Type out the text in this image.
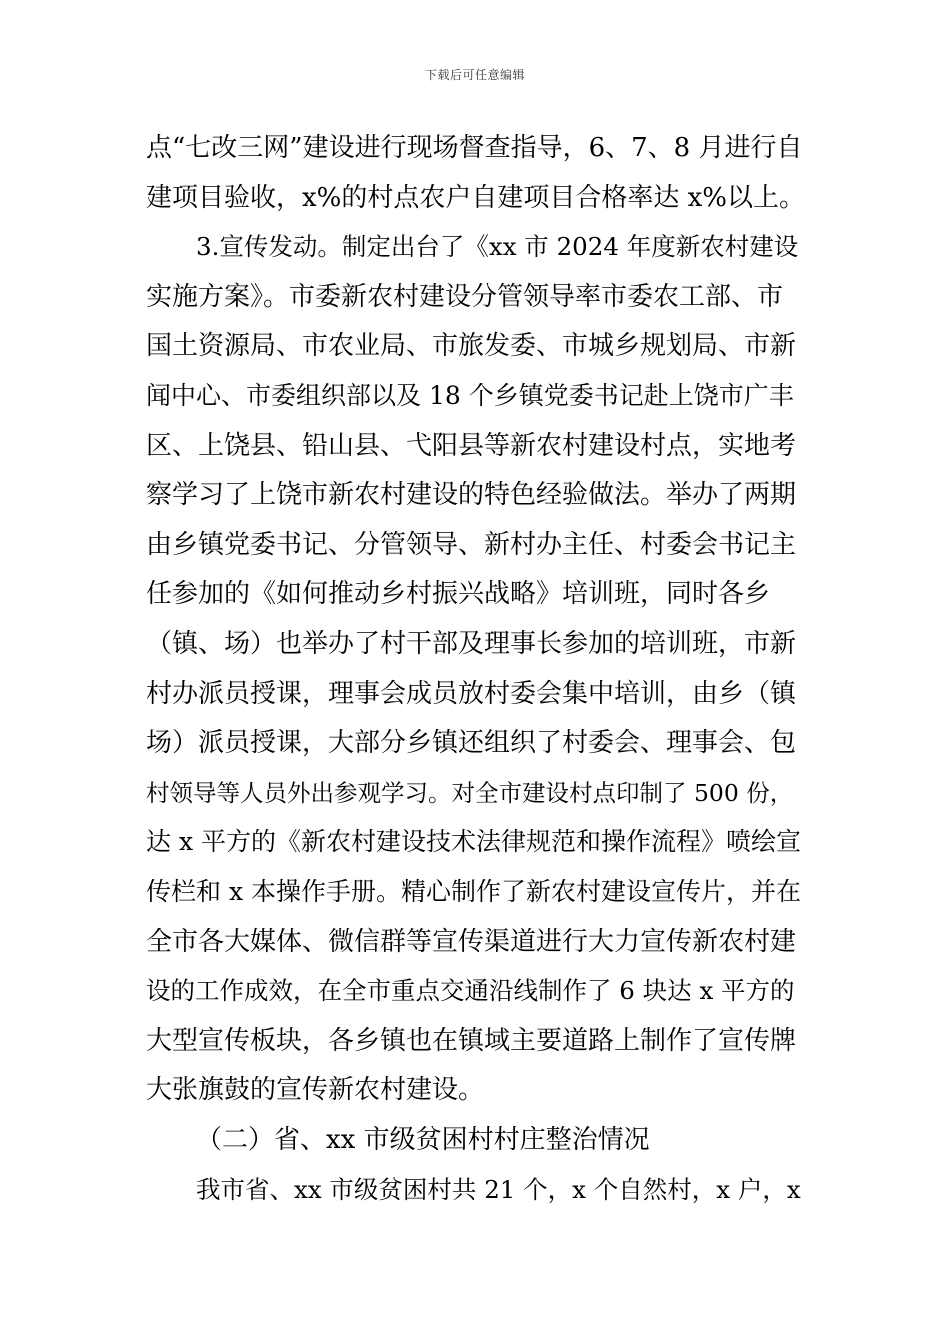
下载后可任意编辑
点“七改三网”建设进行现场督查指导，6、7、8 月进行自
建项目验收，x%的村点农户自建项目合格率达 x%以上。
3.宣传发动。制定出台了《xx 市 2024 年度新农村建设
实施方案》。市委新农村建设分管领导率市委农工部、市
国土资源局、市农业局、市旅发委、市城乡规划局、市新
闻中心、市委组织部以及 18 个乡镇党委书记赴上饶市广丰
区、上饶县、铅山县、弋阳县等新农村建设村点，实地考
察学习了上饶市新农村建设的特色经验做法。举办了两期
由乡镇党委书记、分管领导、新村办主任、村委会书记主
任参加的《如何推动乡村振兴战略》培训班，同时各乡
（镇、场）也举办了村干部及理事长参加的培训班，市新
村办派员授课，理事会成员放村委会集中培训，由乡（镇
场）派员授课，大部分乡镇还组织了村委会、理事会、包
村领导等人员外出参观学习。对全市建设村点印制了 500 份，
达 x 平方的《新农村建设技术法律规范和操作流程》喷绘宣
传栏和 x 本操作手册。精心制作了新农村建设宣传片，并在
全市各大媒体、微信群等宣传渠道进行大力宣传新农村建
设的工作成效，在全市重点交通沿线制作了 6 块达 x 平方的
大型宣传板块，各乡镇也在镇域主要道路上制作了宣传牌
大张旗鼓的宣传新农村建设。
（二）省、xx 市级贫困村村庄整治情况
我市省、xx 市级贫困村共 21 个，x 个自然村，x 户，x
